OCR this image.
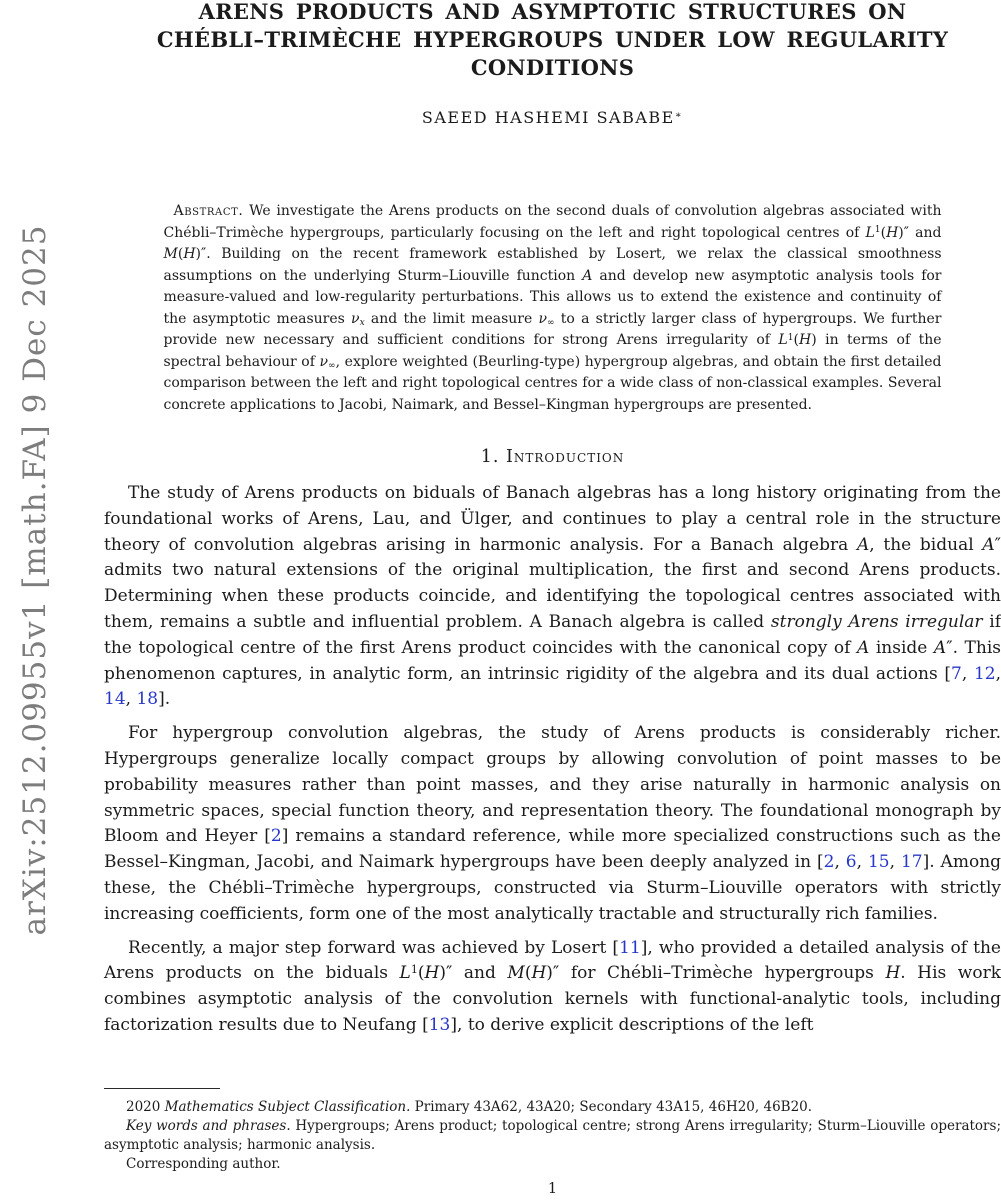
arXiv:2512.09955v1 [math.FA] 9 Dec 2025
ARENS PRODUCTS AND ASYMPTOTIC STRUCTURES ON
CHÉBLI–TRIMÈCHE HYPERGROUPS UNDER LOW REGULARITY
CONDITIONS
SAEED HASHEMI SABABE∗

Abstract. We investigate the Arens products on the second duals of convolution algebras associated with Chébli–Trimèche hypergroups, particularly focusing on the left and right topological centres of $L^1(H)''$ and M(H)″. Building on the recent framework established by Losert, we relax the classical smoothness assumptions on the underlying Sturm–Liouville function A and develop new asymptotic analysis tools for measure-valued and low-regularity perturbations. This allows us to extend the existence and continuity of the asymptotic measures $\nu_x$ and the limit measure $\nu_\infty$ to a strictly larger class of hypergroups. We further provide new necessary and sufficient conditions for strong Arens irregularity of $L^1(H)$ in terms of the spectral behaviour of $\nu_\infty$, explore weighted (Beurling-type) hypergroup algebras, and obtain the first detailed comparison between the left and right topological centres for a wide class of non-classical examples. Several concrete applications to Jacobi, Naimark, and Bessel–Kingman hypergroups are presented.

1. Introduction

The study of Arens products on biduals of Banach algebras has a long history originating from the foundational works of Arens, Lau, and Ülger, and continues to play a central role in the structure theory of convolution algebras arising in harmonic analysis. For a Banach algebra A, the bidual A″ admits two natural extensions of the original multiplication, the first and second Arens products. Determining when these products coincide, and identifying the topological centres associated with them, remains a subtle and influential problem. A Banach algebra is called strongly Arens irregular if the topological centre of the first Arens product coincides with the canonical copy of A inside A″. This phenomenon captures, in analytic form, an intrinsic rigidity of the algebra and its dual actions [7, 12, 14, 18].

For hypergroup convolution algebras, the study of Arens products is considerably richer. Hypergroups generalize locally compact groups by allowing convolution of point masses to be probability measures rather than point masses, and they arise naturally in harmonic analysis on symmetric spaces, special function theory, and representation theory. The foundational monograph by Bloom and Heyer [2] remains a standard reference, while more specialized constructions such as the Bessel–Kingman, Jacobi, and Naimark hypergroups have been deeply analyzed in [2, 6, 15, 17]. Among these, the Chébli–Trimèche hypergroups, constructed via Sturm–Liouville operators with strictly increasing coefficients, form one of the most analytically tractable and structurally rich families.

Recently, a major step forward was achieved by Losert [11], who provided a detailed analysis of the Arens products on the biduals $L^1(H)''$ and M(H)″ for Chébli–Trimèche hypergroups H. His work combines asymptotic analysis of the convolution kernels with functional-analytic tools, including factorization results due to Neufang [13], to derive explicit descriptions of the left

2020 Mathematics Subject Classification. Primary 43A62, 43A20; Secondary 43A15, 46H20, 46B20.

Key words and phrases. Hypergroups; Arens product; topological centre; strong Arens irregularity; Sturm–Liouville operators; asymptotic analysis; harmonic analysis.

Corresponding author.

1
